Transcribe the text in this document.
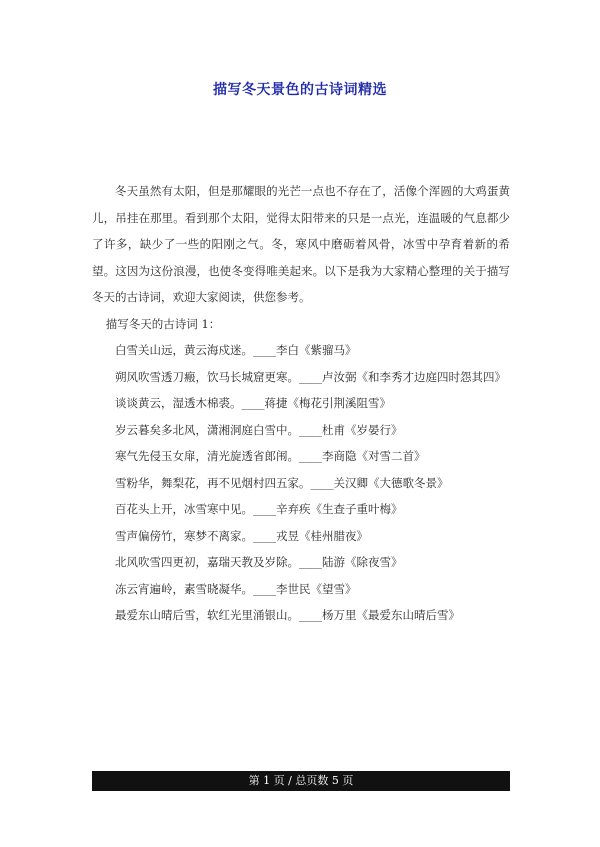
描写冬天景色的古诗词精选

冬天虽然有太阳，但是那耀眼的光芒一点也不存在了，活像个浑圆的大鸡蛋黄儿，吊挂在那里。看到那个太阳，觉得太阳带来的只是一点光，连温暖的气息都少了许多，缺少了一些的阳刚之气。冬，寒风中磨砺着风骨，冰雪中孕育着新的希望。这因为这份浪漫，也使冬变得唯美起来。以下是我为大家精心整理的关于描写冬天的古诗词，欢迎大家阅读，供您参考。

描写冬天的古诗词 1：
白雪关山远，黄云海戍迷。____李白《紫骝马》
朔风吹雪透刀瘢，饮马长城窟更寒。____卢汝弼《和李秀才边庭四时怨其四》
谈谈黄云，湿透木棉裘。____蒋捷《梅花引荆溪阻雪》
岁云暮矣多北风，潇湘洞庭白雪中。____杜甫《岁晏行》
寒气先侵玉女扉，清光旋透省郎闱。____李商隐《对雪二首》
雪粉华，舞梨花，再不见烟村四五家。____关汉卿《大德歌冬景》
百花头上开，冰雪寒中见。____辛弃疾《生查子重叶梅》
雪声偏傍竹，寒梦不离家。____戎昱《桂州腊夜》
北风吹雪四更初，嘉瑞天教及岁除。____陆游《除夜雪》
冻云宵遍岭，素雪晓凝华。____李世民《望雪》
最爱东山晴后雪，软红光里涌银山。____杨万里《最爱东山晴后雪》
第 1 页 / 总页数 5 页
